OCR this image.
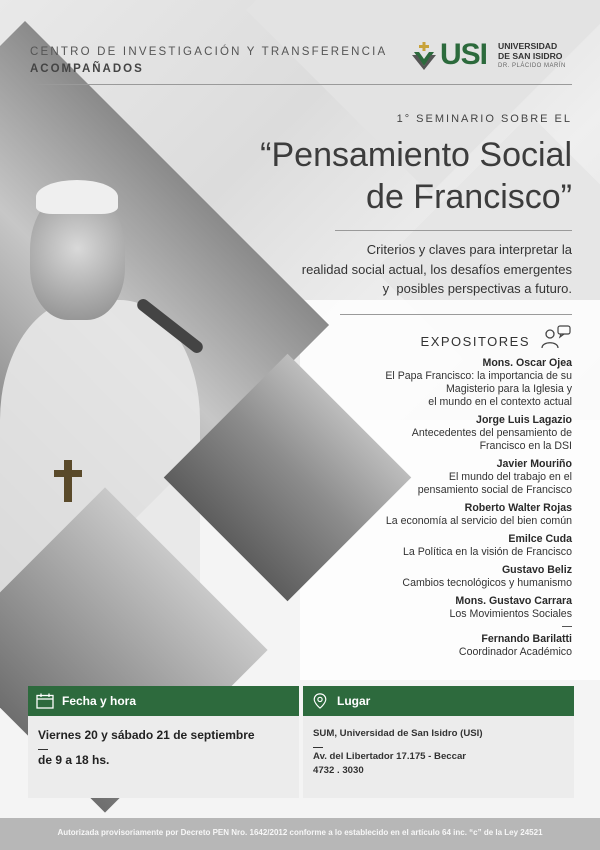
CENTRO DE INVESTIGACIÓN Y TRANSFERENCIA
ACOMPAÑADOS	USI UNIVERSIDAD
DE SAN ISIDRO
DR. PLÁCIDO MARÍN
1° SEMINARIO SOBRE EL
“Pensamiento Social
de Francisco”
Criterios y claves para interpretar la
realidad social actual, los desafíos emergentes
y  posibles perspectivas a futuro.
EXPOSITORES
Mons. Oscar Ojea
El Papa Francisco: la importancia de su
Magisterio para la Iglesia y
el mundo en el contexto actual
Jorge Luis Lagazio
Antecedentes del pensamiento de
Francisco en la DSI
Javier Mouriño
El mundo del trabajo en el
pensamiento social de Francisco
Roberto Walter Rojas
La economía al servicio del bien común
Emilce Cuda
La Política en la visión de Francisco
Gustavo Beliz
Cambios tecnológicos y humanismo
Mons. Gustavo Carrara
Los Movimientos Sociales
Fernando Barilatti
Coordinador Académico
Fecha y hora
Viernes 20 y sábado 21 de septiembre
de 9 a 18 hs.
Lugar
SUM, Universidad de San Isidro (USI)
Av. del Libertador 17.175 - Beccar
4732 . 3030
Autorizada provisoriamente por Decreto PEN Nro. 1642/2012 conforme a lo establecido en el artículo 64 inc. “c” de la Ley 24521
